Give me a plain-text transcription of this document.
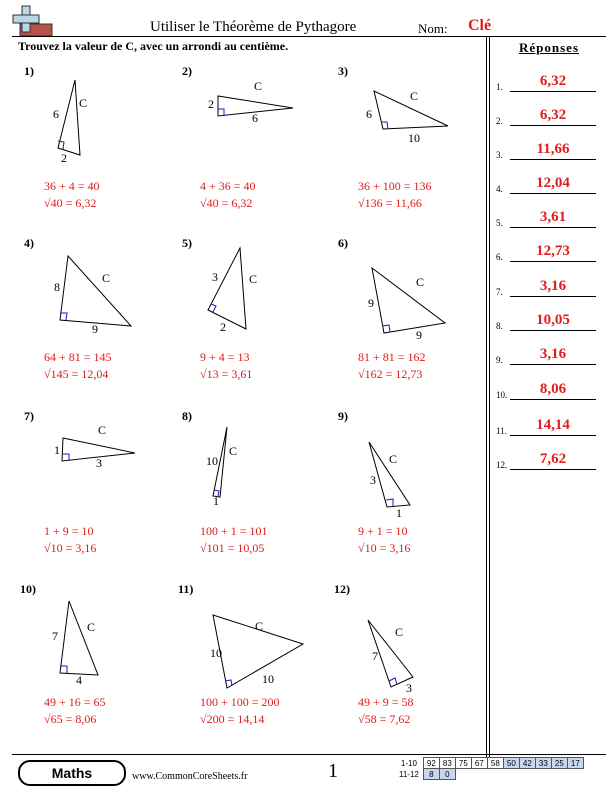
Utiliser le Théorème de Pythagore	Nom: Clé
Trouvez la valeur de C, avec un arrondi au centième.
1)
6
2
C
36 + 4 = 40
√40 = 6,32
2)
2
6
C
4 + 36 = 40
√40 = 6,32
3)
6
10
C
36 + 100 = 136
√136 = 11,66
4)
8
9
C
64 + 81 = 145
√145 = 12,04
5)
3
2
C
9 + 4 = 13
√13 = 3,61
6)
9
9
C
81 + 81 = 162
√162 = 12,73
7)
1
3
C
1 + 9 = 10
√10 = 3,16
8)
10
1
C
100 + 1 = 101
√101 = 10,05
9)
3
1
C
9 + 1 = 10
√10 = 3,16
10)
7
4
C
49 + 16 = 65
√65 = 8,06
11)
10
10
C
100 + 100 = 200
√200 = 14,14
12)
7
3
C
49 + 9 = 58
√58 = 7,62
Réponses
1.	6,32
2.	6,32
3.	11,66
4.	12,04
5.	3,61
6.	12,73
7.	3,16
8.	10,05
9.	3,16
10.	8,06
11.	14,14
12.	7,62
Maths	www.CommonCoreSheets.fr	1	1-10	92	83	75	67	58	50	42	33	25	17
11-12	8	0								
